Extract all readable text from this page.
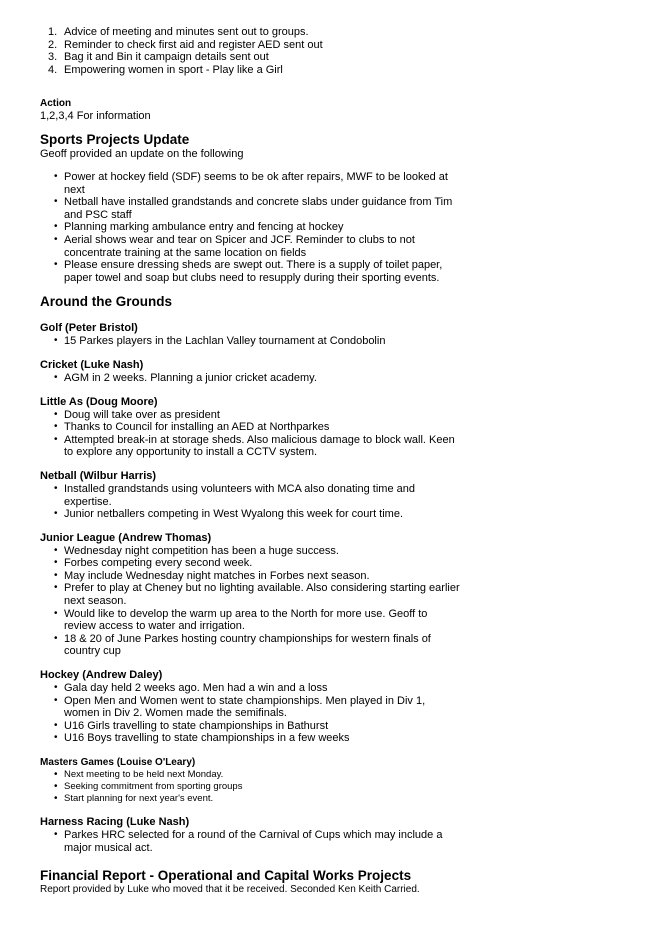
1. Advice of meeting and minutes sent out to groups.
2. Reminder to check first aid and register AED sent out
3. Bag it and Bin it campaign details sent out
4. Empowering women in sport - Play like a Girl
Action
1,2,3,4 For information
Sports Projects Update
Geoff provided an update on the following
• Power at hockey field (SDF) seems to be ok after repairs, MWF to be looked at next
• Netball have installed grandstands and concrete slabs under guidance from Tim and PSC staff
• Planning marking ambulance entry and fencing at hockey
• Aerial shows wear and tear on Spicer and JCF. Reminder to clubs to not concentrate training at the same location on fields
• Please ensure dressing sheds are swept out. There is a supply of toilet paper, paper towel and soap but clubs need to resupply during their sporting events.
Around the Grounds
Golf (Peter Bristol)
• 15 Parkes players in the Lachlan Valley tournament at Condobolin
Cricket (Luke Nash)
• AGM in 2 weeks. Planning a junior cricket academy.
Little As (Doug Moore)
• Doug will take over as president
• Thanks to Council for installing an AED at Northparkes
• Attempted break-in at storage sheds. Also malicious damage to block wall. Keen to explore any opportunity to install a CCTV system.
Netball (Wilbur Harris)
• Installed grandstands using volunteers with MCA also donating time and expertise.
• Junior netballers competing in West Wyalong this week for court time.
Junior League (Andrew Thomas)
• Wednesday night competition has been a huge success.
• Forbes competing every second week.
• May include Wednesday night matches in Forbes next season.
• Prefer to play at Cheney but no lighting available. Also considering starting earlier next season.
• Would like to develop the warm up area to the North for more use. Geoff to review access to water and irrigation.
• 18 & 20 of June Parkes hosting country championships for western finals of country cup
Hockey (Andrew Daley)
• Gala day held 2 weeks ago. Men had a win and a loss
• Open Men and Women went to state championships. Men played in Div 1, women in Div 2. Women made the semifinals.
• U16 Girls travelling to state championships in Bathurst
• U16 Boys travelling to state championships in a few weeks
Masters Games (Louise O'Leary)
• Next meeting to be held next Monday.
• Seeking commitment from sporting groups
• Start planning for next year's event.
Harness Racing (Luke Nash)
• Parkes HRC selected for a round of the Carnival of Cups which may include a major musical act.
Financial Report - Operational and Capital Works Projects
Report provided by Luke who moved that it be received. Seconded Ken Keith Carried.
